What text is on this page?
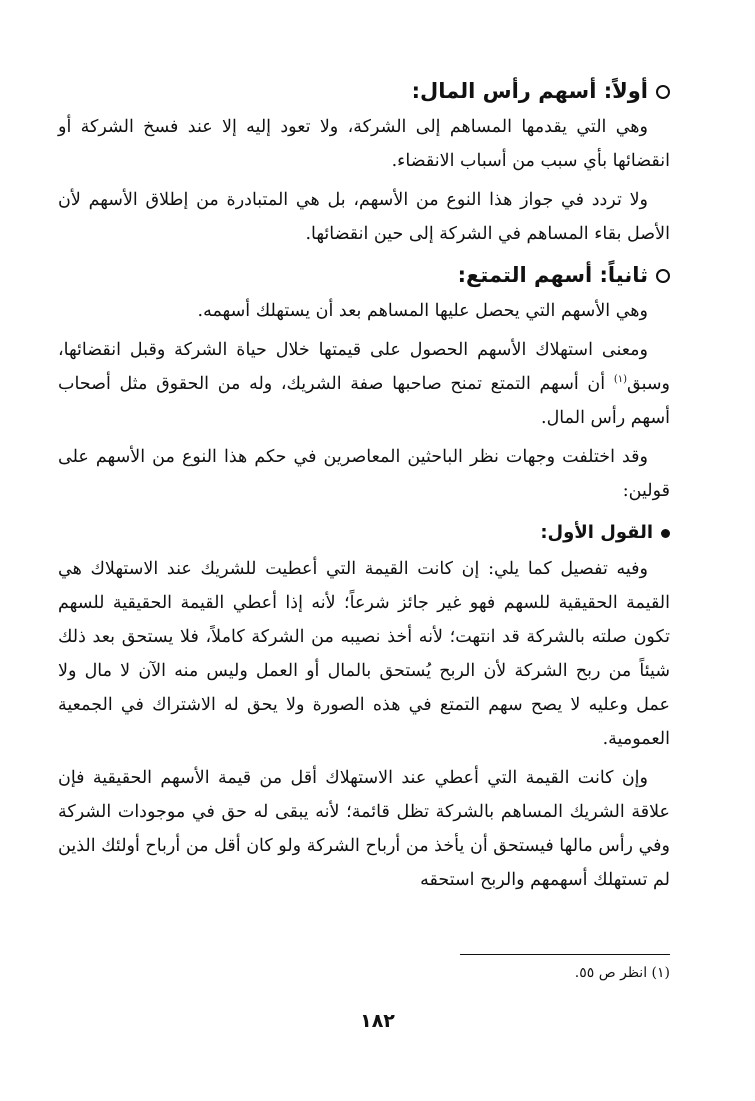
أولاً: أسهم رأس المال:

وهي التي يقدمها المساهم إلى الشركة، ولا تعود إليه إلا عند فسخ الشركة أو انقضائها بأي سبب من أسباب الانقضاء.

ولا تردد في جواز هذا النوع من الأسهم، بل هي المتبادرة من إطلاق الأسهم لأن الأصل بقاء المساهم في الشركة إلى حين انقضائها.

ثانياً: أسهم التمتع:

وهي الأسهم التي يحصل عليها المساهم بعد أن يستهلك أسهمه.

ومعنى استهلاك الأسهم الحصول على قيمتها خلال حياة الشركة وقبل انقضائها، وسبق$^{(١)}$ أن أسهم التمتع تمنح صاحبها صفة الشريك، وله من الحقوق مثل أصحاب أسهم رأس المال.

وقد اختلفت وجهات نظر الباحثين المعاصرين في حكم هذا النوع من الأسهم على قولين:

القول الأول:

وفيه تفصيل كما يلي: إن كانت القيمة التي أعطيت للشريك عند الاستهلاك هي القيمة الحقيقية للسهم فهو غير جائز شرعاً؛ لأنه إذا أعطي القيمة الحقيقية للسهم تكون صلته بالشركة قد انتهت؛ لأنه أخذ نصيبه من الشركة كاملاً، فلا يستحق بعد ذلك شيئاً من ربح الشركة لأن الربح يُستحق بالمال أو العمل وليس منه الآن لا مال ولا عمل وعليه لا يصح سهم التمتع في هذه الصورة ولا يحق له الاشتراك في الجمعية العمومية.

وإن كانت القيمة التي أعطي عند الاستهلاك أقل من قيمة الأسهم الحقيقية فإن علاقة الشريك المساهم بالشركة تظل قائمة؛ لأنه يبقى له حق في موجودات الشركة وفي رأس مالها فيستحق أن يأخذ من أرباح الشركة ولو كان أقل من أرباح أولئك الذين لم تستهلك أسهمهم والربح استحقه

(١) انظر ص ٥٥.
١٨٢
